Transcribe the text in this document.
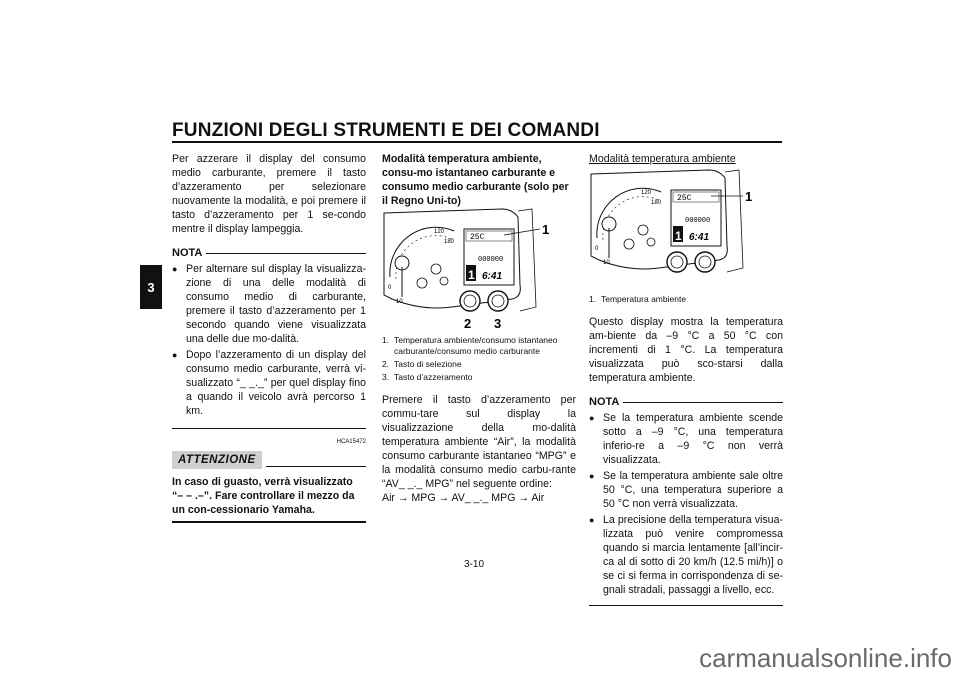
FUNZIONI DEGLI STRUMENTI E DEI COMANDI
3

Per azzerare il display del consumo medio carburante, premere il tasto d’azzeramento per selezionare nuovamente la modalità, e poi premere il tasto d’azzeramento per 1 se-condo mentre il display lampeggia.

NOTA
● Per alternare sul display la visualizza-zione di una delle modalità di consumo medio di carburante, premere il tasto d’azzeramento per 1 secondo quando viene visualizzata una delle due mo-dalità.
● Dopo l’azzeramento di un display del consumo medio carburante, verrà vi-sualizzato “_ _._” per quel display fino a quando il veicolo avrà percorso 1 km.
HCA15472
ATTENZIONE

In caso di guasto, verrà visualizzato “– – .–”. Fare controllare il mezzo da un con-cessionario Yamaha.

Modalità temperatura ambiente, consu-mo istantaneo carburante e consumo medio carburante (solo per il Regno Uni-to)

0
10
120
180 25C
000000
1 6:41
1
2 3
1. Temperatura ambiente/consumo istantaneo carburante/consumo medio carburante
2. Tasto di selezione
3. Tasto d’azzeramento

Premere il tasto d’azzeramento per commu-tare sul display la visualizzazione della mo-dalità temperatura ambiente “Air”, la modalità consumo carburante istantaneo “MPG” e la modalità consumo medio carbu-rante “AV_ _._ MPG” nel seguente ordine:

Air → MPG → AV_ _._ MPG → Air

Modalità temperatura ambiente

0
10
120
180 25C
000000
1 6:41
1
1. Temperatura ambiente

Questo display mostra la temperatura am-biente da –9 °C a 50 °C con incrementi di 1 °C. La temperatura visualizzata può sco-starsi dalla temperatura ambiente.

NOTA
● Se la temperatura ambiente scende sotto a –9 °C, una temperatura inferio-re a –9 °C non verrà visualizzata.
● Se la temperatura ambiente sale oltre 50 °C, una temperatura superiore a 50 °C non verrà visualizzata.
● La precisione della temperatura visua-lizzata può venire compromessa quando si marcia lentamente [all’incir-ca al di sotto di 20 km/h (12.5 mi/h)] o se ci si ferma in corrispondenza di se-gnali stradali, passaggi a livello, ecc.
3-10
carmanualsonline.info
